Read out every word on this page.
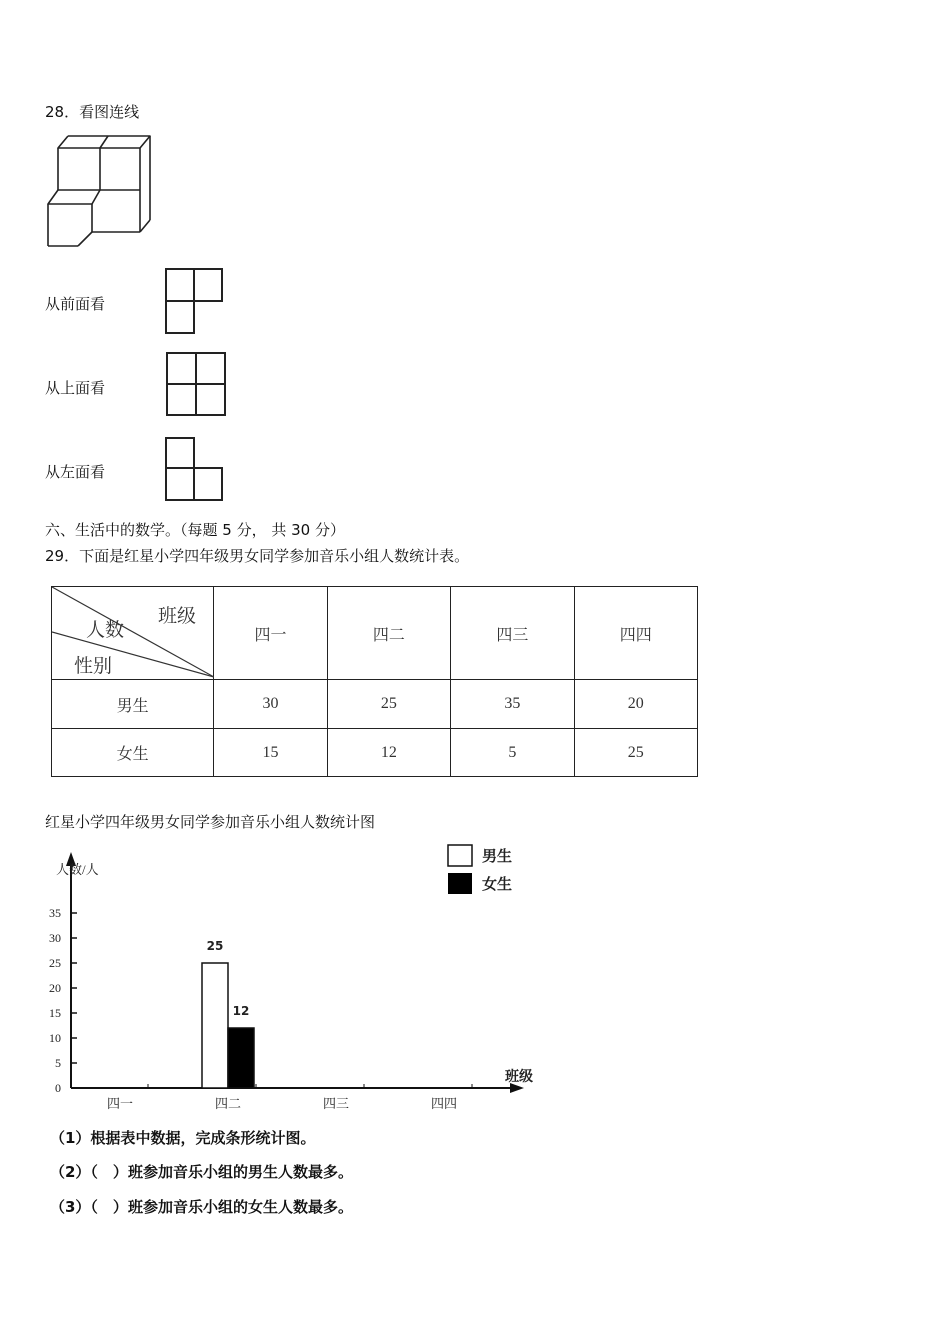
28．看图连线
从前面看
从上面看
从左面看
六、生活中的数学。（每题 5 分， 共 30 分）
29．下面是红星小学四年级男女同学参加音乐小组人数统计表。
班级
人数
性别	四一	四二	四三	四四
男生	30	25	35	20
女生	15	12	5	25
红星小学四年级男女同学参加音乐小组人数统计图
人数/人
班级
男生
女生
0
5
10
15
20
25
30
35
四一	四二	四三	四四
25
12
（1）根据表中数据，完成条形统计图。
（2）（　）班参加音乐小组的男生人数最多。
（3）（　）班参加音乐小组的女生人数最多。
